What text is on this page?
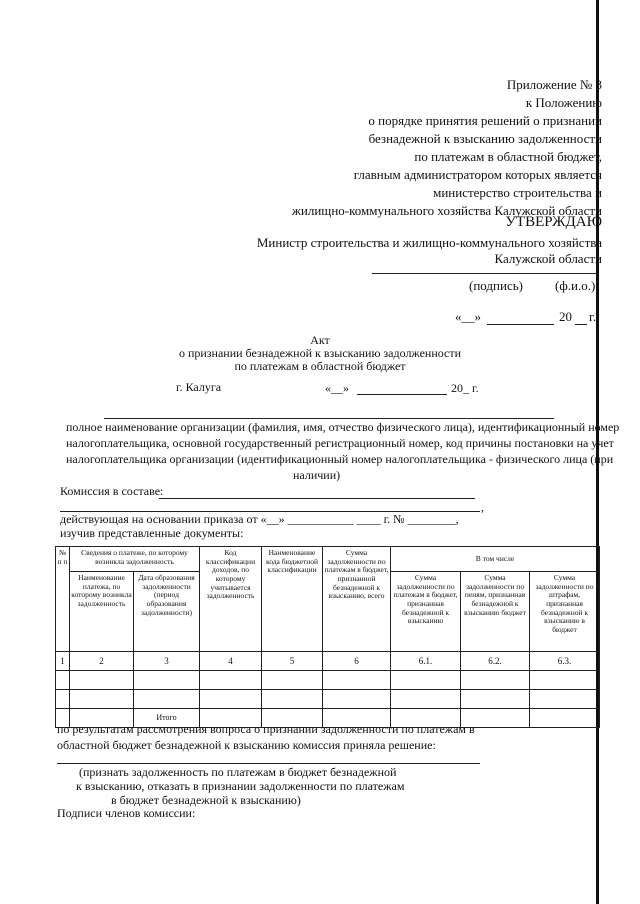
Приложение № 3
к Положению
о порядке принятия решений о признании
безнадежной к взысканию задолженности
по платежам в областной бюджет,
главным администратором которых является
министерство строительства и
жилищно-коммунального хозяйства Калужской области
УТВЕРЖДАЮ
Министр строительства и жилищно-коммунального хозяйства
Калужской области
(подпись) (ф.и.о.)
«__»	20 г.
Акт
о признании безнадежной к взысканию задолженности
по платежам в областной бюджет
г. Калуга	«__»	20_ г.
полное наименование организации (фамилия, имя, отчество физического лица), идентификационный номер
налогоплательщика, основной государственный регистрационный номер, код причины постановки на учет
налогоплательщика организации (идентификационный номер налогоплательщика - физического лица (при
наличии)
Комиссия в составе:
,
действующая на основании приказа от «__» ___________ ____ г. № ________,
изучив представленные документы:
№ п п	Сведения о платеже, по которому возникла задолженность		Код классификации доходов, по которому учитывается задолженность	Наименование кода бюджетной классификации	Сумма задолженности по платежам в бюджет, признанной безнадежной к взысканию, всего	В том числе		
	Наименование платежа, по которому возникла задолженность	Дата образования задолженности (период образования задолженности)				Сумма задолженности по платежам в бюджет, признанная безнадежной к взысканию	Сумма задолженности по пеням, признанная безнадежной к взысканию бюджет	Сумма задолженности по штрафам, признанная безнадежной к взысканию в бюджет
1	2	3	4	5	6	6.1.	6.2.	6.3.

		Итого						
по результатам рассмотрения вопроса о признании задолженности по платежам в
областной бюджет безнадежной к взысканию комиссия приняла решение:
(признать задолженность по платежам в бюджет безнадежной
к взысканию, отказать в признании задолженности по платежам
в бюджет безнадежной к взысканию)
Подписи членов комиссии:
